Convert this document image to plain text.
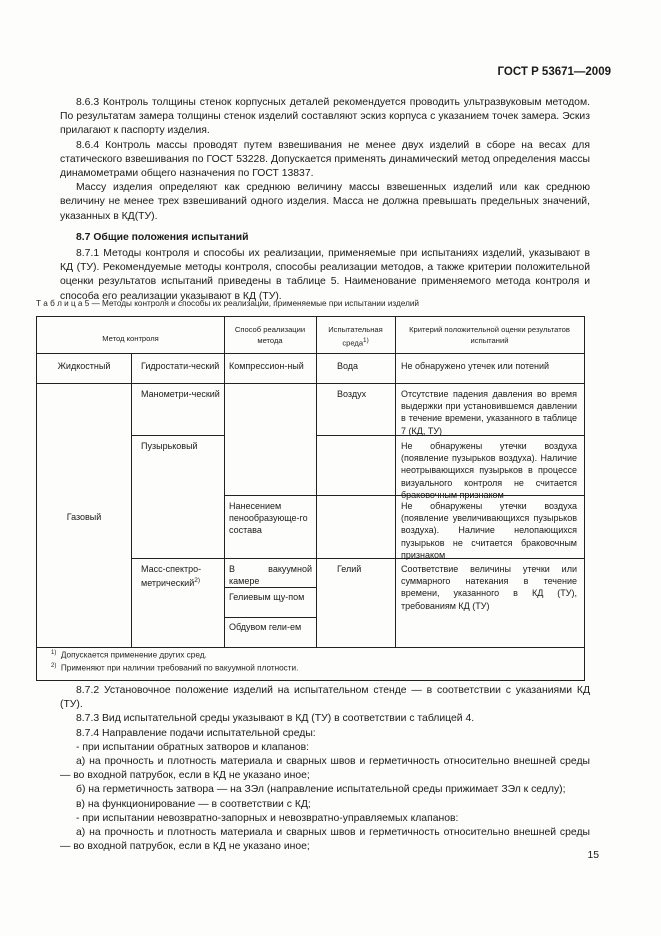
ГОСТ Р 53671—2009

8.6.3 Контроль толщины стенок корпусных деталей рекомендуется проводить ультразвуковым методом. По результатам замера толщины стенок изделий составляют эскиз корпуса с указанием точек замера. Эскиз прилагают к паспорту изделия.

8.6.4 Контроль массы проводят путем взвешивания не менее двух изделий в сборе на весах для статического взвешивания по ГОСТ 53228. Допускается применять динамический метод определения массы динамометрами общего назначения по ГОСТ 13837.

Массу изделия определяют как среднюю величину массы взвешенных изделий или как среднюю величину не менее трех взвешиваний одного изделия. Масса не должна превышать предельных значений, указанных в КД(ТУ).

8.7 Общие положения испытаний

8.7.1 Методы контроля и способы их реализации, применяемые при испытаниях изделий, указывают в КД (ТУ). Рекомендуемые методы контроля, способы реализации методов, а также критерии положительной оценки результатов испытаний приведены в таблице 5. Наименование применяемого метода контроля и способа его реализации указывают в КД (ТУ).

Т а б л и ц а 5 — Методы контроля и способы их реализации, применяемые при испытании изделий
Метод контроля
Способ реализации метода
Испытательная среда$^{1)}$
Критерий положительной оценки результатов испытаний
Жидкостный
Газовый
Гидростати-ческий
Манометри-ческий
Пузырьковый
Масс-спектро-метрический$^{2)}$
Компрессион-ный
Нанесением пенообразующе-го состава
В вакуумной камере
Гелиевым щу-пом
Обдувом гели-ем
Вода
Воздух
Гелий
Не обнаружено утечек или потений
Отсутствие падения давления во время выдержки при установившемся давлении в течение времени, указанного в таблице 7 (КД, ТУ)
Не обнаружены утечки воздуха (появление пузырьков воздуха). Наличие неотрывающихся пузырьков в процессе визуального контроля не считается браковочным признаком
Не обнаружены утечки воздуха (появление увеличивающихся пузырьков воздуха). Наличие нелопающихся пузырьков не считается браковочным признаком
Соответствие величины утечки или суммарного натекания в течение времени, указанного в КД (ТУ), требованиям КД (ТУ)
$^{1)}$ Допускается применение других сред.
$^{2)}$ Применяют при наличии требований по вакуумной плотности.

8.7.2 Установочное положение изделий на испытательном стенде — в соответствии с указаниями КД (ТУ).

8.7.3 Вид испытательной среды указывают в КД (ТУ) в соответствии с таблицей 4.

8.7.4 Направление подачи испытательной среды:

- при испытании обратных затворов и клапанов:

а) на прочность и плотность материала и сварных швов и герметичность относительно внешней среды — во входной патрубок, если в КД не указано иное;

б) на герметичность затвора — на ЗЭл (направление испытательной среды прижимает ЗЭл к седлу);

в) на функционирование — в соответствии с КД;

- при испытании невозвратно-запорных и невозвратно-управляемых клапанов:

а) на прочность и плотность материала и сварных швов и герметичность относительно внешней среды — во входной патрубок, если в КД не указано иное;

15
